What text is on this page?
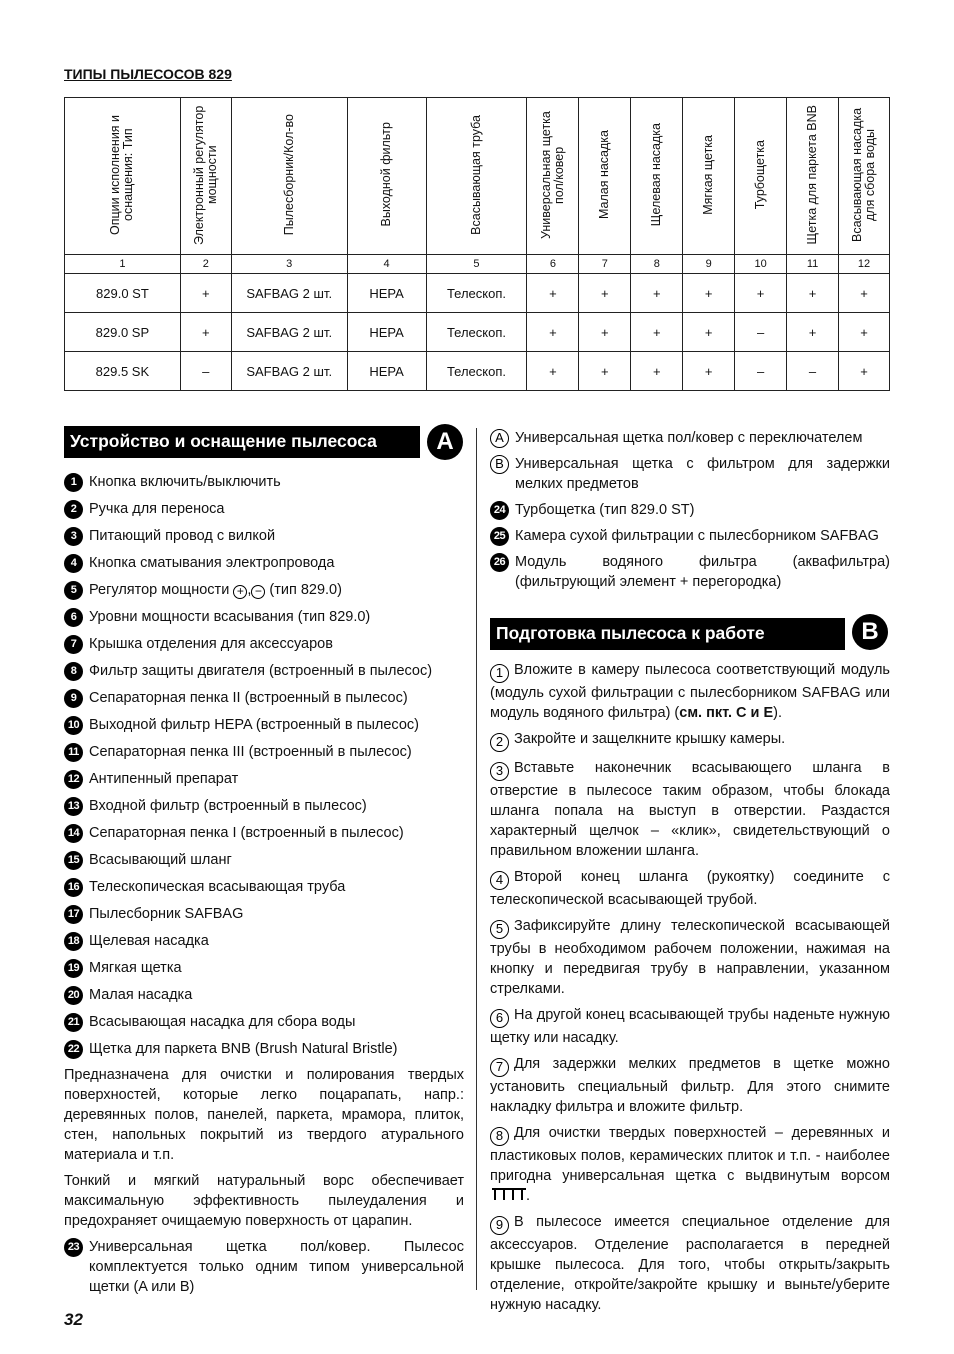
ТИПЫ ПЫЛЕСОСОВ 829
Опции исполнения и оснащения: Тип	Электронный регулятор мощности	Пылесборник/Кол-во	Выходной фильтр	Всасывающая труба	Универсальная щетка пол/ковер	Малая насадка	Щелевая насадка	Мягкая щетка	Турбощетка	Щетка для паркета BNB	Всасывающая насадка для сбора воды
1	2	3	4	5	6	7	8	9	10	11	12
829.0 ST	+	SAFBAG 2 шт.	HEPA	Телескоп.	+	+	+	+	+	+	+
829.0 SP	+	SAFBAG 2 шт.	HEPA	Телескоп.	+	+	+	+	–	+	+
829.5 SK	–	SAFBAG 2 шт.	HEPA	Телескоп.	+	+	+	+	–	–	+
Устройство и оснащение пылесоса	A
1 Кнопка включить/выключить
2 Ручка для переноса
3 Питающий провод с вилкой
4 Кнопка сматывания электропровода
5 Регулятор мощности + , − (тип 829.0)
6 Уровни мощности всасывания (тип 829.0)
7 Крышка отделения для аксессуаров
8 Фильтр защиты двигателя (встроенный в пылесос)
9 Сепараторная пенка II (встроенный в пылесос)
10 Выходной фильтр HEPA (встроенный в пылесос)
11 Сепараторная пенка III (встроенный в пылесос)
12 Антипенный препарат
13 Входной фильтр (встроенный в пылесос)
14 Сепараторная пенка I (встроенный в пылесос)
15 Всасывающий шланг
16 Телескопическая всасывающая труба
17 Пылесборник SAFBAG
18 Щелевая насадка
19 Мягкая щетка
20 Малая насадка
21 Всасывающая насадка для сбора воды
22 Щетка для паркета BNB (Brush Natural Bristle)

Предназначена для очистки и полирования твердых поверхностей, которые легко поцарапать, напр.: деревянных полов, панелей, паркета, мрамора, плиток, стен, напольных покрытий из твердого атурального материала и т.п.

Тонкий и мягкий натуральный ворс обеспечивает максимальную эффективность пылеудаления и предохраняет очищаемую поверхность от царапин.

23 Универсальная щетка пол/ковер. Пылесос комплектуется только одним типом универсальной щетки (A или B)
A Универсальная щетка пол/ковер с переключателем
B Универсальная щетка с фильтром для задержки мелких предметов
24 Турбощетка (тип 829.0 ST)
25 Камера сухой фильтрации с пылесборником SAFBAG
26 Модуль водяного фильтра (аквафильтра) (фильтрующий элемент + перегородка)
Подготовка пылесоса к работе	B

1 Вложите в камеру пылесоса соответствующий модуль (модуль сухой фильтрации с пылесборником SAFBAG или модуль водяного фильтра) (см. пкт. C и E).

2 Закройте и защелкните крышку камеры.

3 Вставьте наконечник всасывающего шланга в отверстие в пылесосе таким образом, чтобы блокада шланга попала на выступ в отверстии. Раздастся характерный щелчок – «клик», свидетельствующий о правильном вложении шланга.

4 Второй конец шланга (рукоятку) соедините с телескопической всасывающей трубой.

5 Зафиксируйте длину телескопической всасывающей трубы в необходимом рабочем положении, нажимая на кнопку и передвигая трубу в направлении, указанном стрелками.

6 На другой конец всасывающей трубы наденьте нужную щетку или насадку.

7 Для задержки мелких предметов в щетке можно установить специальный фильтр. Для этого снимите накладку фильтра и вложите фильтр.

8 Для очистки твердых поверхностей – деревянных и пластиковых полов, керамических плиток и т.п. - наиболее пригодна универсальная щетка с выдвинутым ворсом
.

9 В пылесосе имеется специальное отделение для аксессуаров. Отделение располагается в передней крышке пылесоса. Для того, чтобы открыть/закрыть отделение, откройте/закройте крышку и выньте/уберите нужную насадку.

32
